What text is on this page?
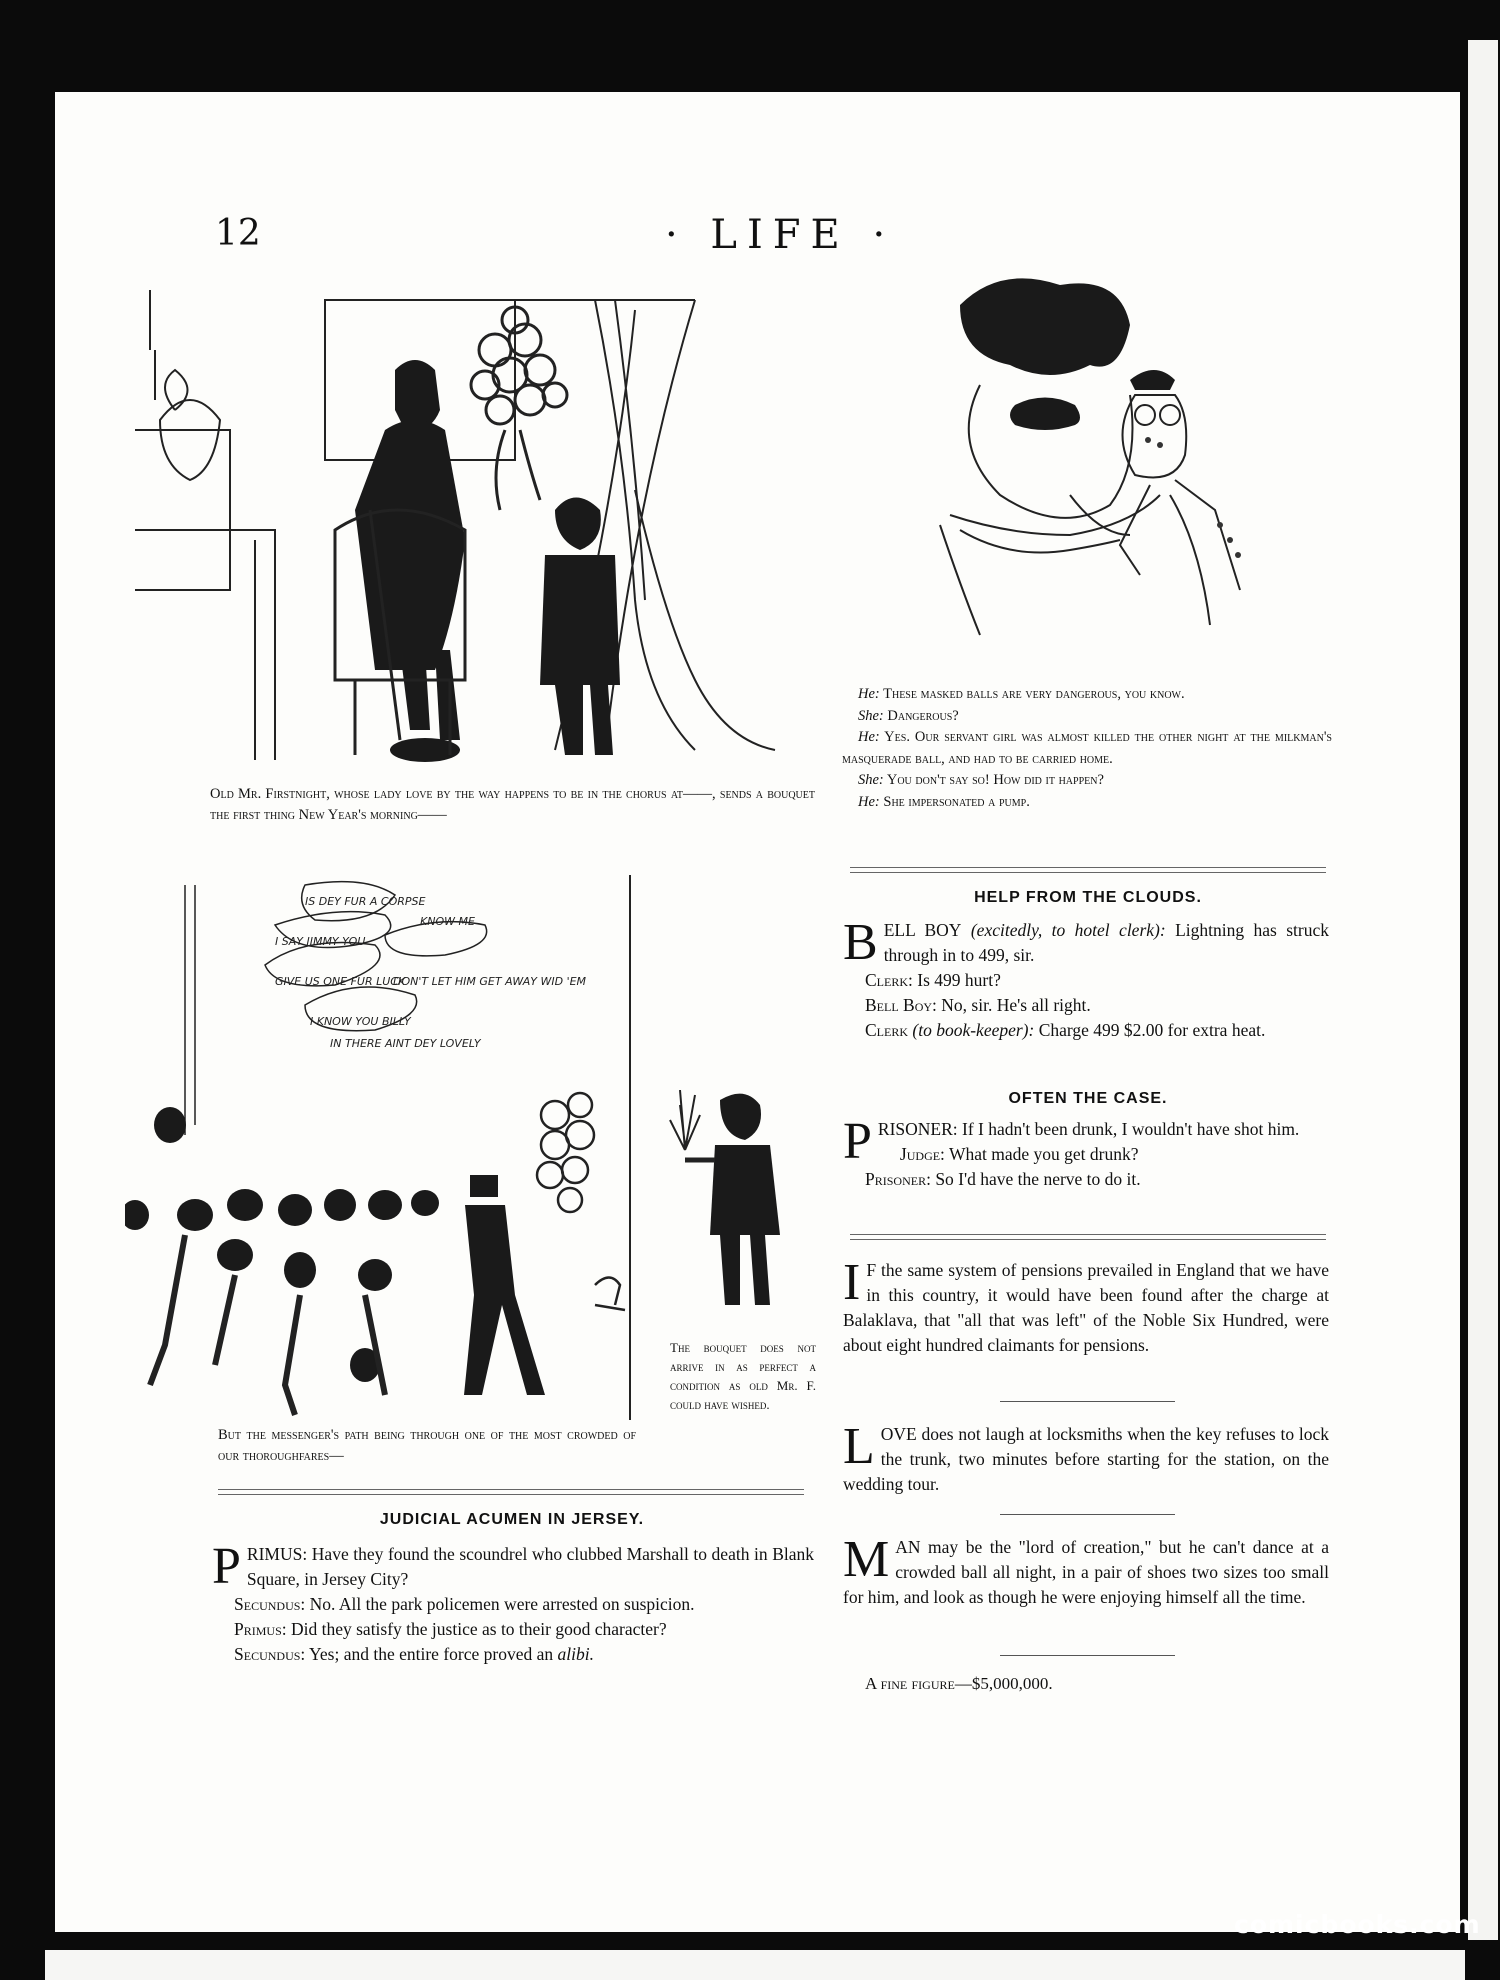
12	· LIFE ·
Old Mr. Firstnight, whose lady love by the way happens to be in the chorus at——, sends a bouquet the first thing New Year's morning——
He: These masked balls are very dangerous, you know.
She: Dangerous?
He: Yes. Our servant girl was almost killed the other night at the milkman's masquerade ball, and had to be carried home.
She: You don't say so! How did it happen?
He: She impersonated a pump.
IS DEY FUR A CORPSE
I SAY JIMMY YOU
KNOW ME
DON'T LET HIM GET AWAY WID 'EM
GIVE US ONE FUR LUCK
I KNOW YOU BILLY
IN THERE AINT DEY LOVELY
But the messenger's path being through one of the most crowded of our thoroughfares—
The bouquet does not arrive in as perfect a condition as old Mr. F. could have wished.
HELP FROM THE CLOUDS.
BELL BOY (excitedly, to hotel clerk): Lightning has struck through in to 499, sir.
Clerk: Is 499 hurt?
Bell Boy: No, sir. He's all right.
Clerk (to book-keeper): Charge 499 $2.00 for extra heat.
OFTEN THE CASE.
PRISONER: If I hadn't been drunk, I wouldn't have shot him.
Judge: What made you get drunk?
Prisoner: So I'd have the nerve to do it.
I F the same system of pensions prevailed in England that we have in this country, it would have been found after the charge at Balaklava, that "all that was left" of the Noble Six Hundred, were about eight hundred claimants for pensions.
LOVE does not laugh at locksmiths when the key refuses to lock the trunk, two minutes before starting for the station, on the wedding tour.
MAN may be the "lord of creation," but he can't dance at a crowded ball all night, in a pair of shoes two sizes too small for him, and look as though he were enjoying himself all the time.
A fine figure—$5,000,000.
JUDICIAL ACUMEN IN JERSEY.
PRIMUS: Have they found the scoundrel who clubbed Marshall to death in Blank Square, in Jersey City?
Secundus: No. All the park policemen were arrested on suspicion.
Primus: Did they satisfy the justice as to their good character?
Secundus: Yes; and the entire force proved an alibi.
comicbooks.com
